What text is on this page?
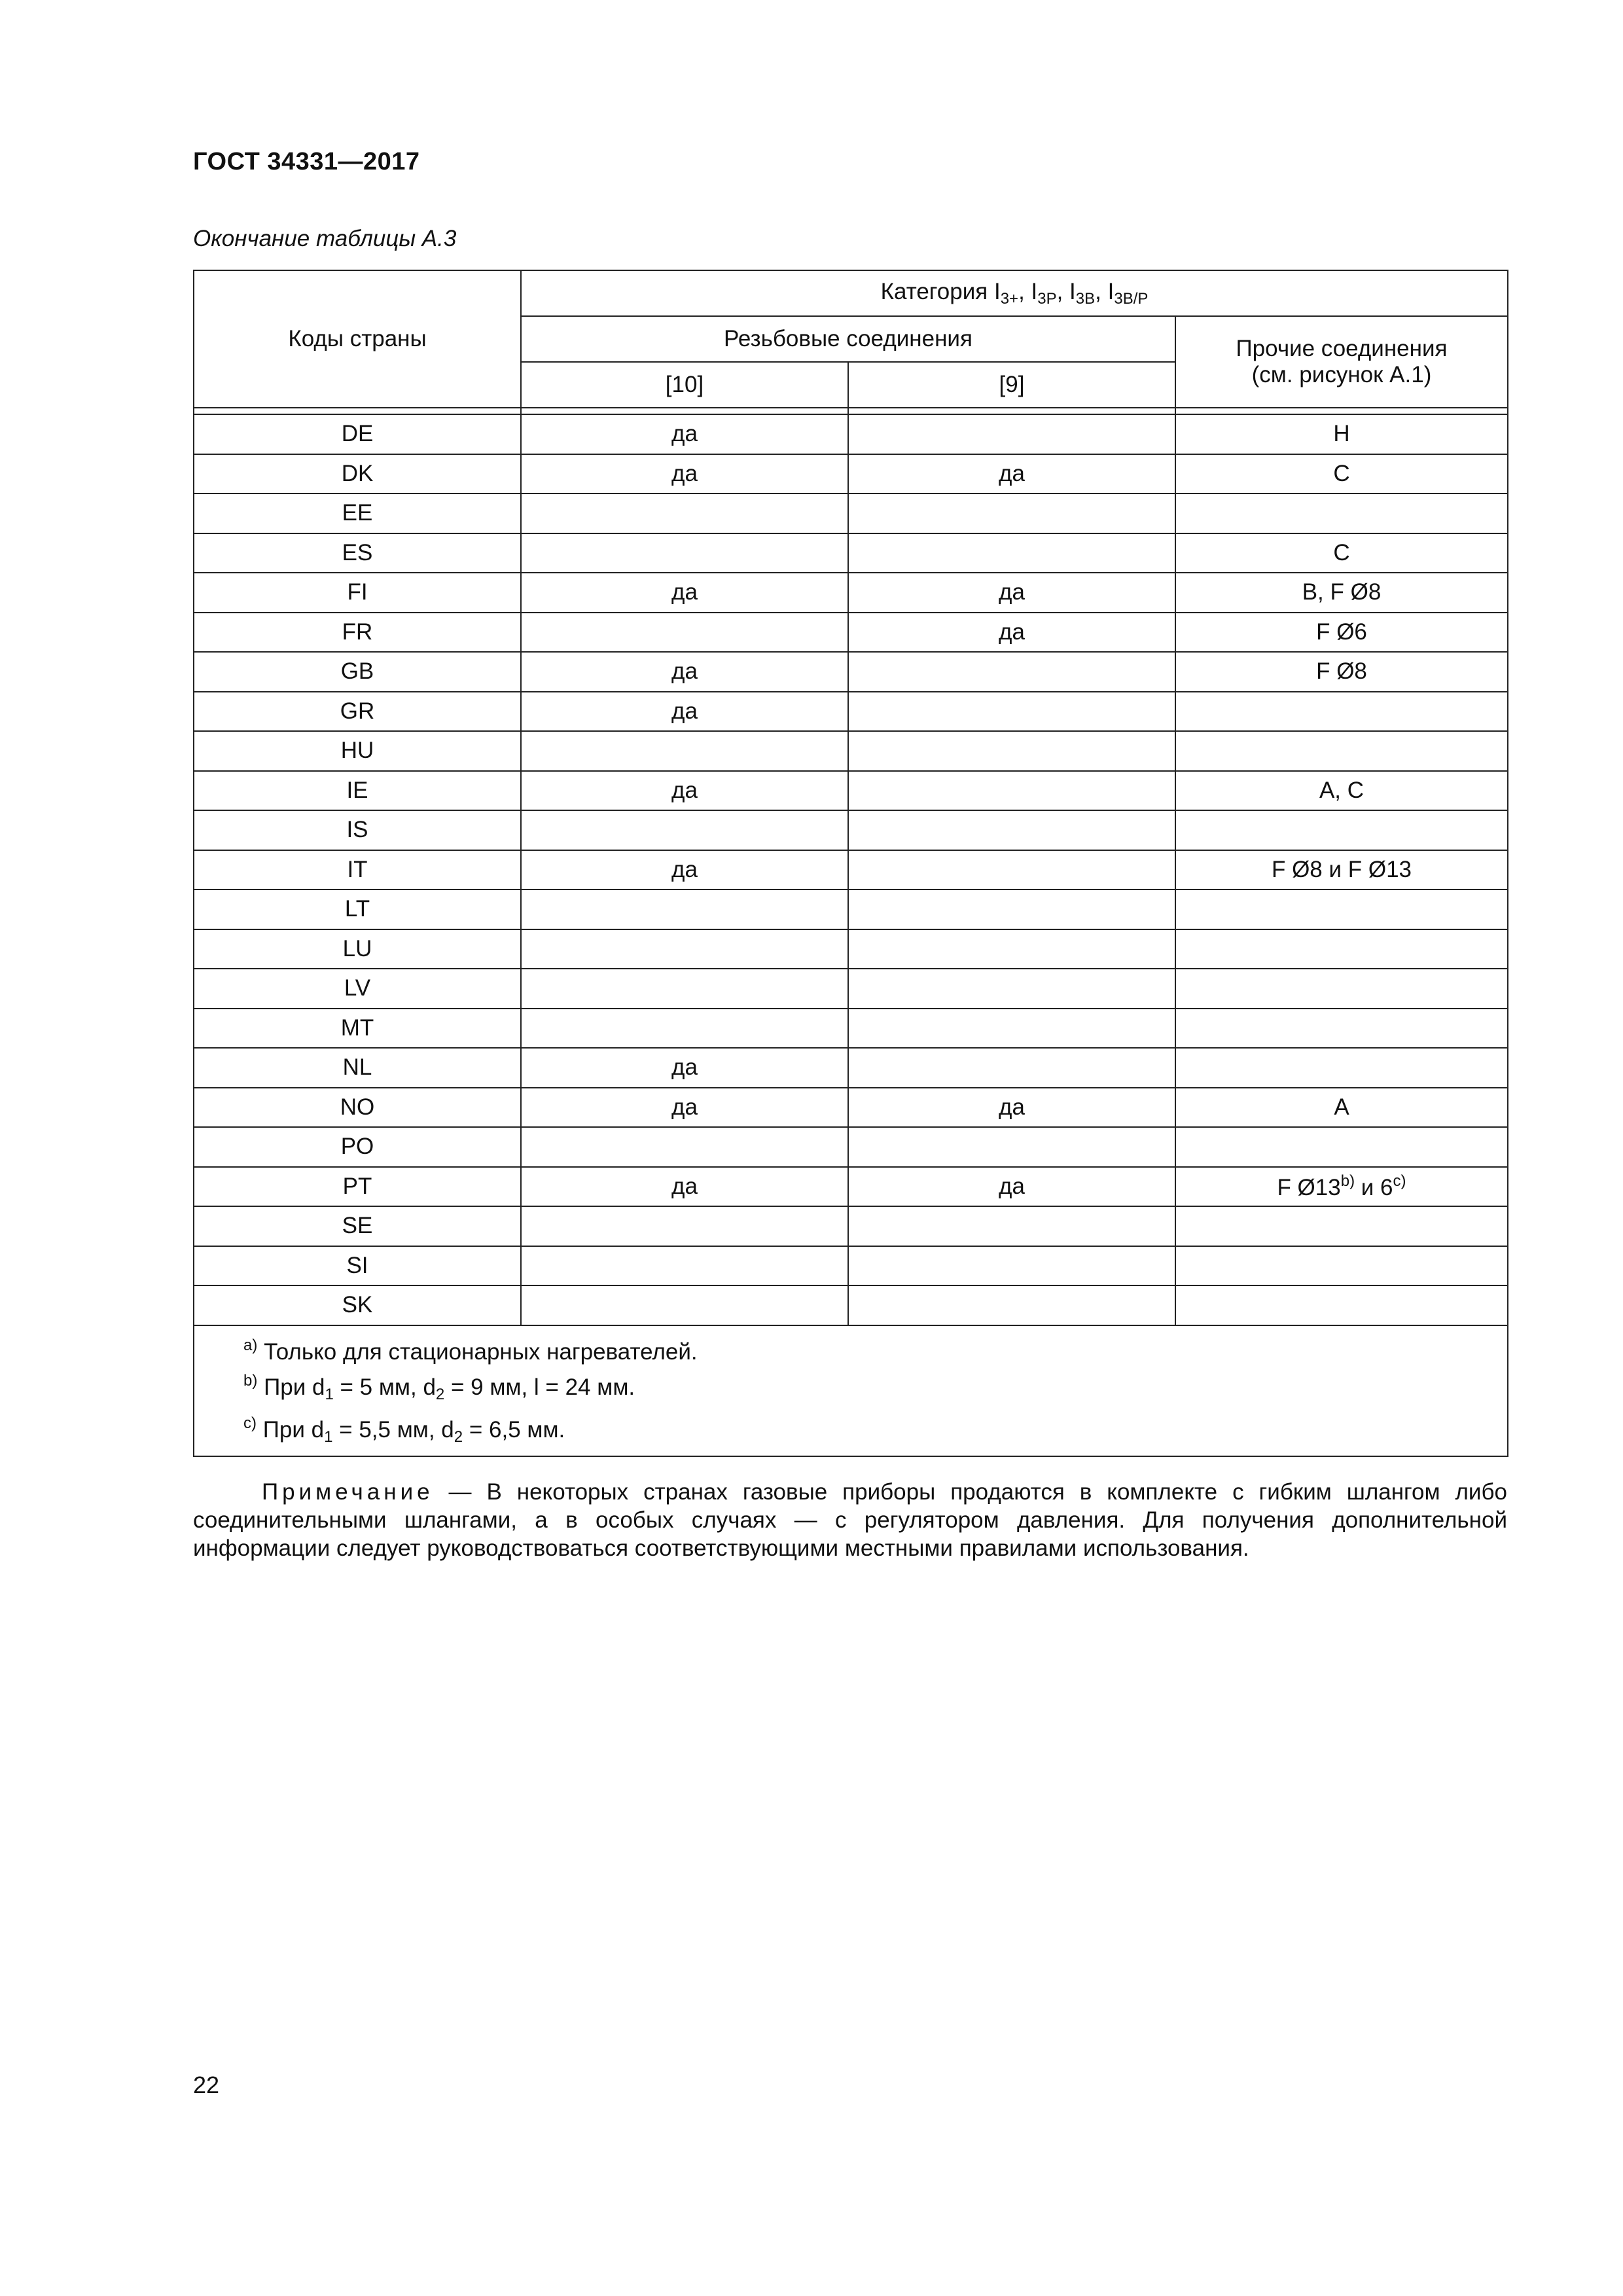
ГОСТ 34331—2017
Окончание таблицы А.3
Коды страны	Категория $I_{3+}$, $I_{3P}$, $I_{3B}$, $I_{3B/P}$
	Резьбовые соединения		Прочие соединения
(см. рисунок А.1)

	[10]	[9]	

DE	да		H
DK	да	да	C
EE			
ES			C
FI	да	да	B, F Ø8
FR		да	F Ø6
GB	да		F Ø8
GR	да		
HU			
IE	да		A, C
IS			
IT	да		F Ø8 и F Ø13
LT			
LU			
LV			
MT			
NL	да		
NO	да	да	A
PO			
PT	да	да	F Ø13$^{b)}$ и 6$^{c)}$
SE			
SI			
SK			

$^{a)}$ Только для стационарных нагревателей.
$^{b)}$ При $d_1 = 5$ мм, $d_2 = 9$ мм, l = 24 мм.
$^{c)}$ При $d_1 = 5,5$ мм, $d_2 = 6,5$ мм.			
Примечание — В некоторых странах газовые приборы продаются в комплекте с гибким шлангом либо соединительными шлангами, а в особых случаях — с регулятором давления. Для получения дополнительной информации следует руководствоваться соответствующими местными правилами использования.
22
